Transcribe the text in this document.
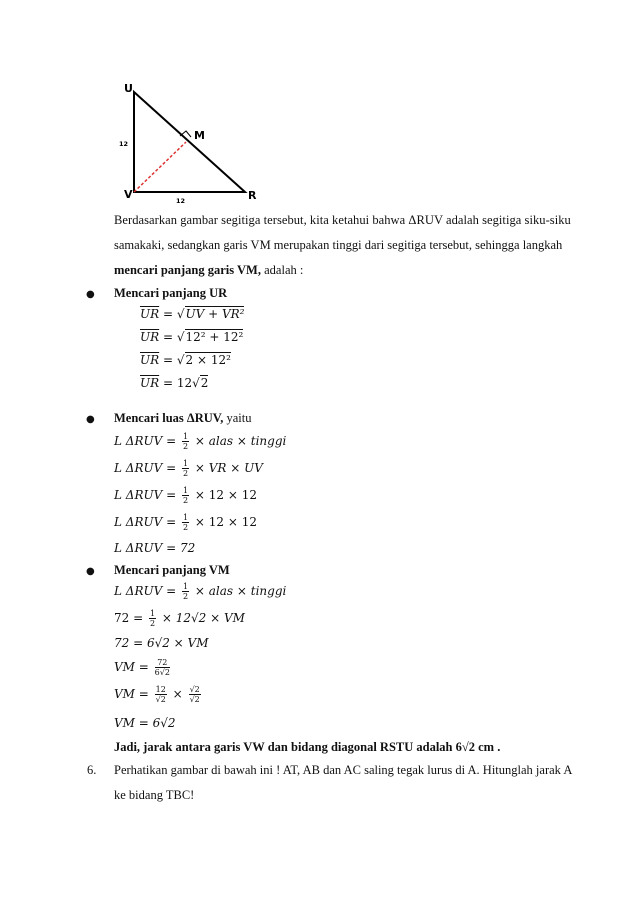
U
V	R
M
12
12
Berdasarkan gambar segitiga tersebut, kita ketahui bahwa ΔRUV adalah segitiga siku-siku
samakaki, sedangkan garis VM merupakan tinggi dari segitiga tersebut, sehingga langkah
mencari panjang garis VM, adalah :
● Mencari panjang UR
$\overline{UR} = √UV + VR^2$
$\overline{UR} = √12^2 + 12^2$
$\overline{UR} = √2 \times 12^2$
$\overline{UR} = 12√2$
● Mencari luas ΔRUV, yaitu
L $\Delta RUV = \frac{1}{2}$ × alas × tinggi
L $\Delta RUV = \frac{1}{2}$ × VR × UV
L $\Delta RUV = \frac{1}{2} \times 12 \times 12$
L $\Delta RUV = \frac{1}{2} \times 12 \times 12$
L ΔRUV = 72
● Mencari panjang VM
L $\Delta RUV = \frac{1}{2}$ × alas × tinggi
$72 = \frac{1}{2} \times 12√2$ × VM
72 = 6√2 × VM
VM = $\frac{72}{6√2}$
VM = $\frac{12}{√2} \times \frac{√2}{√2}$
VM = 6√2
Jadi, jarak antara garis VW dan bidang diagonal RSTU adalah 6√2 cm .
6. Perhatikan gambar di bawah ini ! AT, AB dan AC saling tegak lurus di A. Hitunglah jarak A
ke bidang TBC!
